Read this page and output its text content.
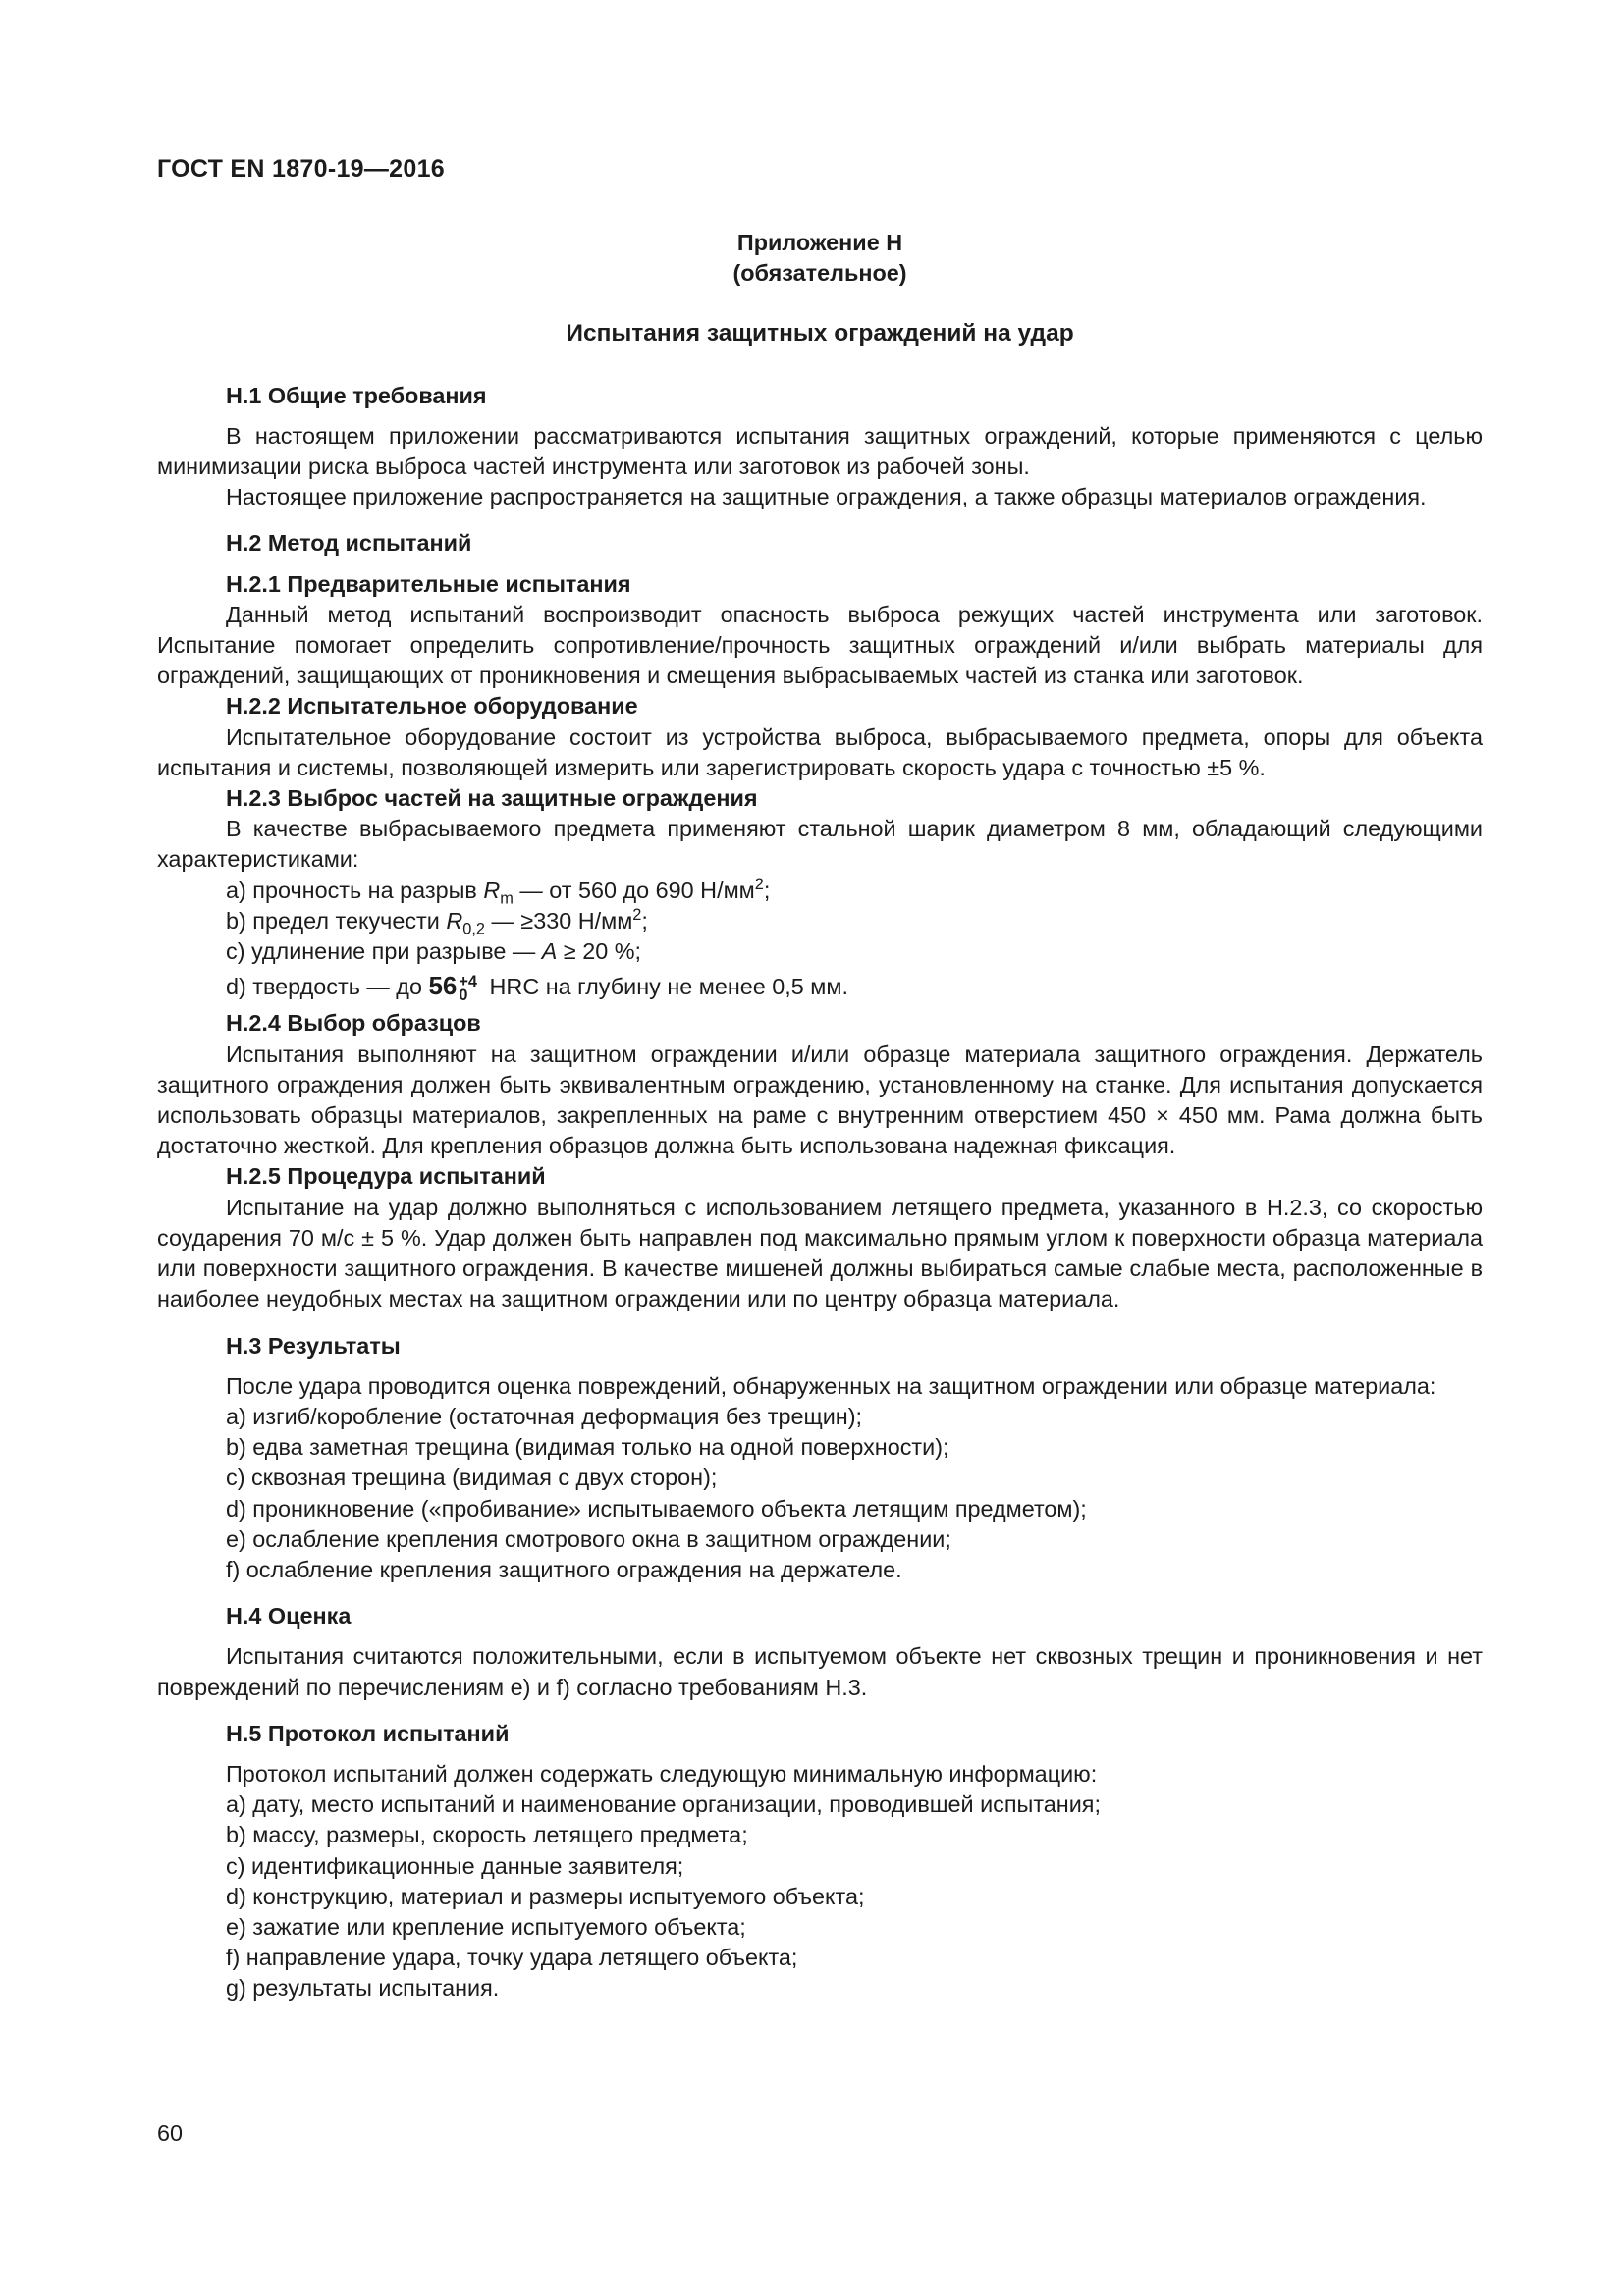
ГОСТ EN 1870-19—2016

Приложение Н

(обязательное)

Испытания защитных ограждений на удар

Н.1 Общие требования

В настоящем приложении рассматриваются испытания защитных ограждений, которые применяются с целью минимизации риска выброса частей инструмента или заготовок из рабочей зоны.

Настоящее приложение распространяется на защитные ограждения, а также образцы материалов ограждения.

Н.2 Метод испытаний

Н.2.1 Предварительные испытания

Данный метод испытаний воспроизводит опасность выброса режущих частей инструмента или заготовок. Испытание помогает определить сопротивление/прочность защитных ограждений и/или выбрать материалы для ограждений, защищающих от проникновения и смещения выбрасываемых частей из станка или заготовок.

Н.2.2 Испытательное оборудование

Испытательное оборудование состоит из устройства выброса, выбрасываемого предмета, опоры для объекта испытания и системы, позволяющей измерить или зарегистрировать скорость удара с точностью ±5 %.

Н.2.3 Выброс частей на защитные ограждения

В качестве выбрасываемого предмета применяют стальной шарик диаметром 8 мм, обладающий следующими характеристиками:

а) прочность на разрыв $R_m$ — от 560 до 690 $Н/мм^2$;

b) предел текучести $R_{0,2}$ — ≥330 $Н/мм^2$;

с) удлинение при разрыве — A ≥ 20 %;

d) твердость — до 56 +4
0 HRC на глубину не менее 0,5 мм.

Н.2.4 Выбор образцов

Испытания выполняют на защитном ограждении и/или образце материала защитного ограждения. Держатель защитного ограждения должен быть эквивалентным ограждению, установленному на станке. Для испытания допускается использовать образцы материалов, закрепленных на раме с внутренним отверстием 450 × 450 мм. Рама должна быть достаточно жесткой. Для крепления образцов должна быть использована надежная фиксация.

Н.2.5 Процедура испытаний

Испытание на удар должно выполняться с использованием летящего предмета, указанного в Н.2.3, со скоростью соударения 70 м/с ± 5 %. Удар должен быть направлен под максимально прямым углом к поверхности образца материала или поверхности защитного ограждения. В качестве мишеней должны выбираться самые слабые места, расположенные в наиболее неудобных местах на защитном ограждении или по центру образца материала.

Н.3 Результаты

После удара проводится оценка повреждений, обнаруженных на защитном ограждении или образце материала:

а) изгиб/коробление (остаточная деформация без трещин);

b) едва заметная трещина (видимая только на одной поверхности);

с) сквозная трещина (видимая с двух сторон);

d) проникновение («пробивание» испытываемого объекта летящим предметом);

е) ослабление крепления смотрового окна в защитном ограждении;

f) ослабление крепления защитного ограждения на держателе.

Н.4 Оценка

Испытания считаются положительными, если в испытуемом объекте нет сквозных трещин и проникновения и нет повреждений по перечислениям е) и f) согласно требованиям Н.3.

Н.5 Протокол испытаний

Протокол испытаний должен содержать следующую минимальную информацию:

а) дату, место испытаний и наименование организации, проводившей испытания;

b) массу, размеры, скорость летящего предмета;

с) идентификационные данные заявителя;

d) конструкцию, материал и размеры испытуемого объекта;

е) зажатие или крепление испытуемого объекта;

f) направление удара, точку удара летящего объекта;

g) результаты испытания.

60
